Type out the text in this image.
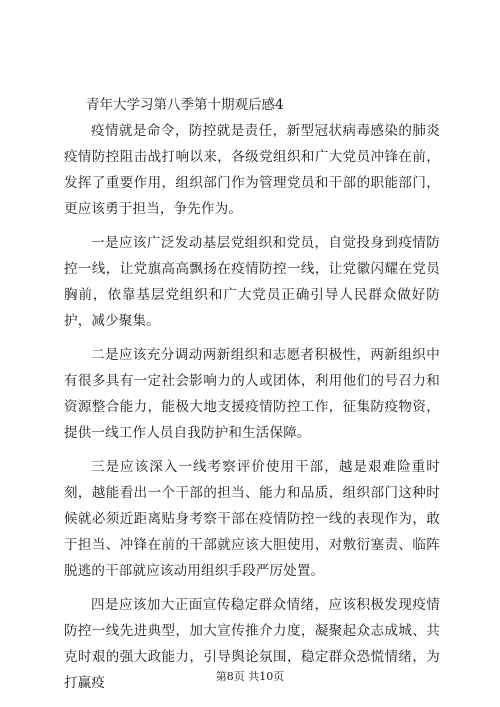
青年大学习第八季第十期观后感4

疫情就是命令，防控就是责任，新型冠状病毒感染的肺炎疫情防控阻击战打响以来，各级党组织和广大党员冲锋在前，发挥了重要作用，组织部门作为管理党员和干部的职能部门，更应该勇于担当，争先作为。

一是应该广泛发动基层党组织和党员，自觉投身到疫情防控一线，让党旗高高飘扬在疫情防控一线，让党徽闪耀在党员胸前，依靠基层党组织和广大党员正确引导人民群众做好防护，减少聚集。

二是应该充分调动两新组织和志愿者积极性，两新组织中有很多具有一定社会影响力的人或团体，利用他们的号召力和资源整合能力，能极大地支援疫情防控工作，征集防疫物资，提供一线工作人员自我防护和生活保障。

三是应该深入一线考察评价使用干部，越是艰难险重时刻，越能看出一个干部的担当、能力和品质，组织部门这种时候就必须近距离贴身考察干部在疫情防控一线的表现作为，敢于担当、冲锋在前的干部就应该大胆使用，对敷衍塞责、临阵脱逃的干部就应该动用组织手段严厉处置。

四是应该加大正面宣传稳定群众情绪，应该积极发现疫情防控一线先进典型，加大宣传推介力度，凝聚起众志成城、共克时艰的强大政能力，引导舆论氛围，稳定群众恐慌情绪，为打赢疫	第8页 共10页
